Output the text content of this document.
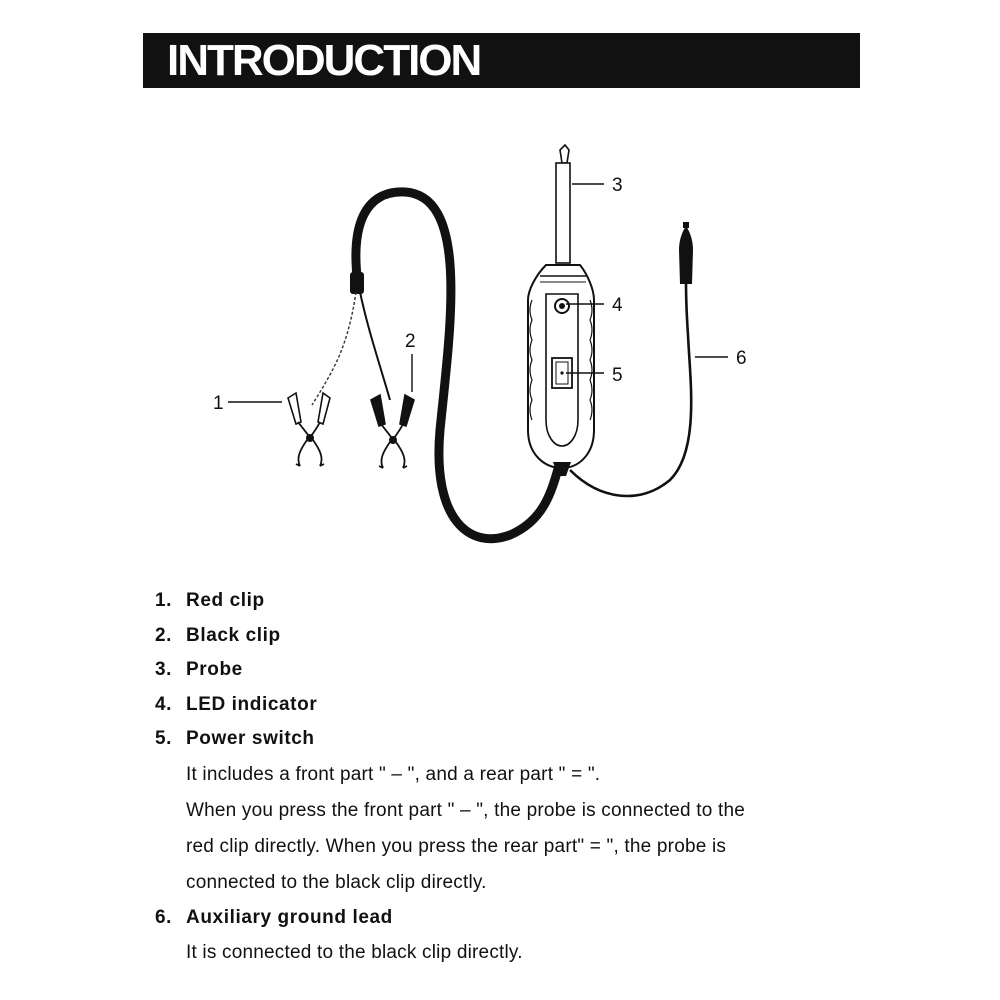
INTRODUCTION
1
2
3
4
5
6
1. Red clip
2. Black clip
3. Probe
4. LED indicator
5. Power switch
It includes a front part " – ", and a rear part " = ".
When you press the front part " – ", the probe is connected to the
red clip directly. When you press the rear part" = ", the probe is
connected to the black clip directly.
6. Auxiliary ground lead
It is connected to the black clip directly.
